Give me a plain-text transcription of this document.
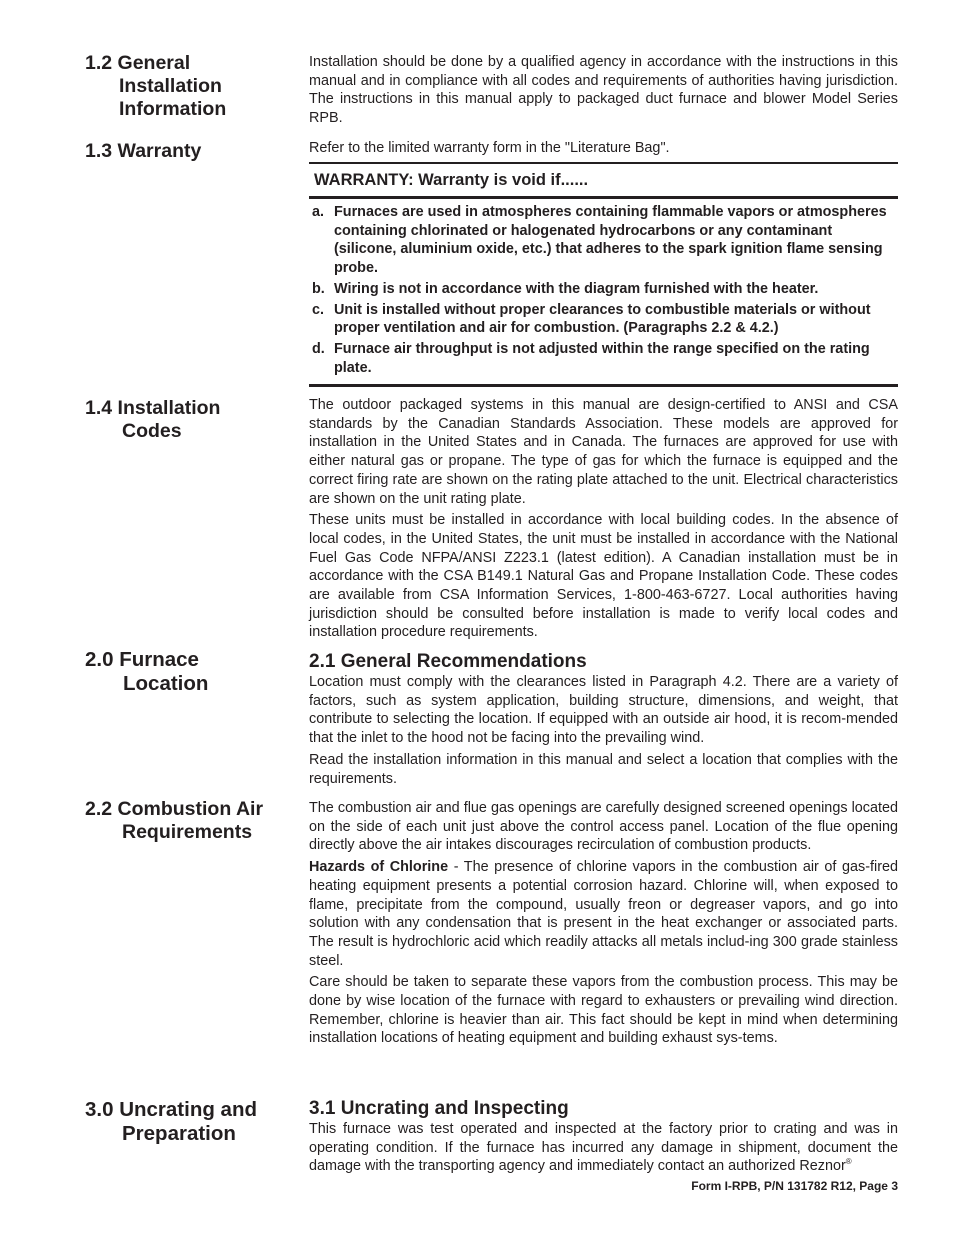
1.2 General
Installation
Information

Installation should be done by a qualified agency in accordance with the instructions in this manual and in compliance with all codes and requirements of authorities having jurisdiction. The instructions in this manual apply to packaged duct furnace and blower Model Series RPB.

1.3 Warranty	Refer to the limited warranty form in the "Literature Bag".

WARRANTY: Warranty is void if......
a. Furnaces are used in atmospheres containing flammable vapors or atmospheres containing chlorinated or halogenated hydrocarbons or any contaminant (silicone, aluminium oxide, etc.) that adheres to the spark ignition flame sensing probe.
b. Wiring is not in accordance with the diagram furnished with the heater.
c. Unit is installed without proper clearances to combustible materials or without proper ventilation and air for combustion. (Paragraphs 2.2 & 4.2.)
d. Furnace air throughput is not adjusted within the range specified on the rating plate.
1.4 Installation
Codes

The outdoor packaged systems in this manual are design-certified to ANSI and CSA standards by the Canadian Standards Association. These models are approved for installation in the United States and in Canada. The furnaces are approved for use with either natural gas or propane. The type of gas for which the furnace is equipped and the correct firing rate are shown on the rating plate attached to the unit. Electrical characteristics are shown on the unit rating plate.

These units must be installed in accordance with local building codes. In the absence of local codes, in the United States, the unit must be installed in accordance with the National Fuel Gas Code NFPA/ANSI Z223.1 (latest edition). A Canadian installation must be in accordance with the CSA B149.1 Natural Gas and Propane Installation Code. These codes are available from CSA Information Services, 1-800-463-6727. Local authorities having jurisdiction should be consulted before installation is made to verify local codes and installation procedure requirements.

2.0 Furnace
Location
2.1 General Recommendations

Location must comply with the clearances listed in Paragraph 4.2. There are a variety of factors, such as system application, building structure, dimensions, and weight, that contribute to selecting the location. If equipped with an outside air hood, it is recom-mended that the inlet to the hood not be facing into the prevailing wind.

Read the installation information in this manual and select a location that complies with the requirements.

2.2 Combustion Air
Requirements

The combustion air and flue gas openings are carefully designed screened openings located on the side of each unit just above the control access panel. Location of the flue opening directly above the air intakes discourages recirculation of combustion products.

Hazards of Chlorine - The presence of chlorine vapors in the combustion air of gas-fired heating equipment presents a potential corrosion hazard. Chlorine will, when exposed to flame, precipitate from the compound, usually freon or degreaser vapors, and go into solution with any condensation that is present in the heat exchanger or associated parts. The result is hydrochloric acid which readily attacks all metals includ-ing 300 grade stainless steel.

Care should be taken to separate these vapors from the combustion process. This may be done by wise location of the furnace with regard to exhausters or prevailing wind direction. Remember, chlorine is heavier than air. This fact should be kept in mind when determining installation locations of heating equipment and building exhaust sys-tems.

3.0 Uncrating and
Preparation
3.1 Uncrating and Inspecting

This furnace was test operated and inspected at the factory prior to crating and was in operating condition. If the furnace has incurred any damage in shipment, document the damage with the transporting agency and immediately contact an authorized Reznor®

Form I-RPB, P/N 131782 R12, Page 3
